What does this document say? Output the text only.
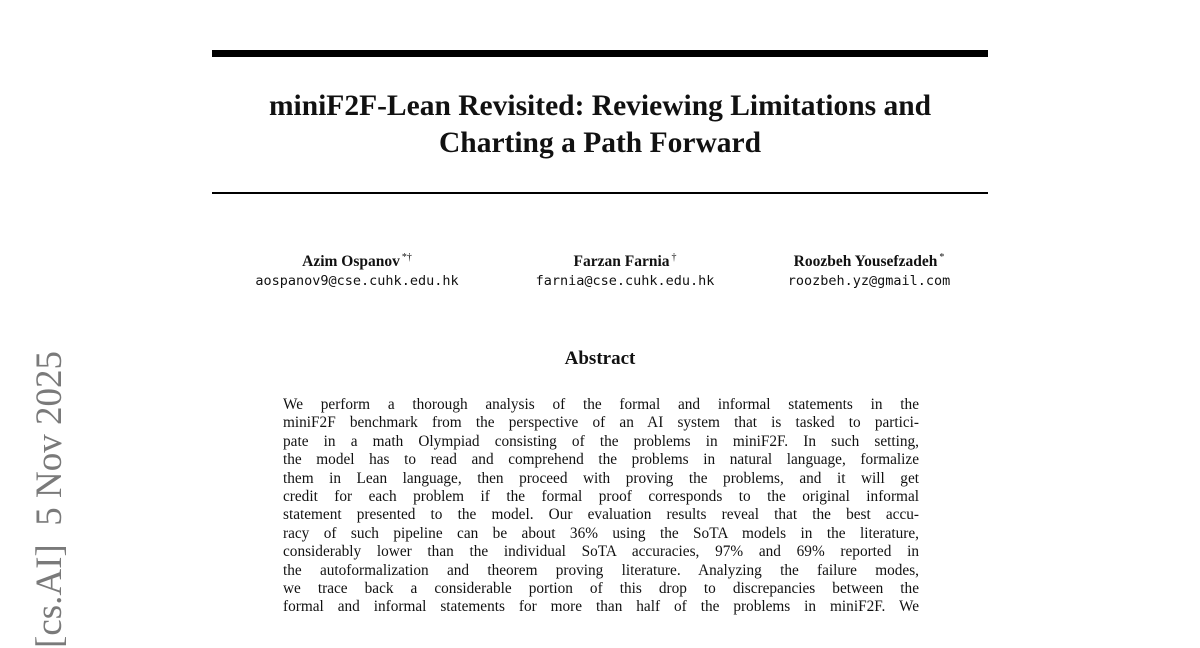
[cs.AI]  5 Nov 2025
miniF2F-Lean Revisited: Reviewing Limitations and Charting a Path Forward
Azim Ospanov *†
aospanov9@cse.cuhk.edu.hk
Farzan Farnia †
farnia@cse.cuhk.edu.hk
Roozbeh Yousefzadeh *
roozbeh.yz@gmail.com
Abstract
We perform a thorough analysis of the formal and informal statements in the
miniF2F benchmark from the perspective of an AI system that is tasked to partici-
pate in a math Olympiad consisting of the problems in miniF2F. In such setting,
the model has to read and comprehend the problems in natural language, formalize
them in Lean language, then proceed with proving the problems, and it will get
credit for each problem if the formal proof corresponds to the original informal
statement presented to the model. Our evaluation results reveal that the best accu-
racy of such pipeline can be about 36% using the SoTA models in the literature,
considerably lower than the individual SoTA accuracies, 97% and 69% reported in
the autoformalization and theorem proving literature. Analyzing the failure modes,
we trace back a considerable portion of this drop to discrepancies between the
formal and informal statements for more than half of the problems in miniF2F. We
